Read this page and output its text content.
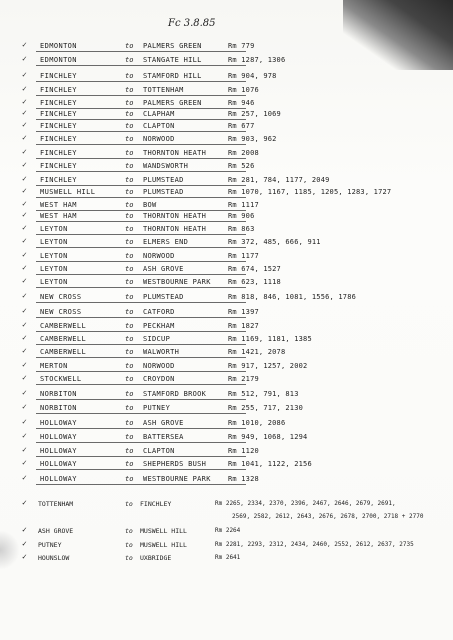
Fc 3.8.85
✓ EDMONTON	to PALMERS GREEN	Rm 779
✓ EDMONTON	to STANGATE HILL	Rm 1287, 1306
✓ FINCHLEY	to STAMFORD HILL	Rm 904, 978
✓ FINCHLEY	to TOTTENHAM	Rm 1076
✓ FINCHLEY	to PALMERS GREEN	Rm 946
✓ FINCHLEY	to CLAPHAM	Rm 257, 1069
✓ FINCHLEY	to CLAPTON	Rm 677
✓ FINCHLEY	to NORWOOD	Rm 903, 962
✓ FINCHLEY	to THORNTON HEATH	Rm 2008
✓ FINCHLEY	to WANDSWORTH	Rm 526
✓ FINCHLEY	to PLUMSTEAD	Rm 281, 784, 1177, 2049
✓ MUSWELL HILL	to PLUMSTEAD	Rm 1070, 1167, 1185, 1205, 1283, 1727
✓ WEST HAM	to BOW	Rm 1117
✓ WEST HAM	to THORNTON HEATH	Rm 906
✓ LEYTON	to THORNTON HEATH	Rm 863
✓ LEYTON	to ELMERS END	Rm 372, 485, 666, 911
✓ LEYTON	to NORWOOD	Rm 1177
✓ LEYTON	to ASH GROVE	Rm 674, 1527
✓ LEYTON	to WESTBOURNE PARK Rm 623, 1118
✓ NEW CROSS	to PLUMSTEAD	Rm 818, 846, 1081, 1556, 1786
✓ NEW CROSS	to CATFORD	Rm 1397
✓ CAMBERWELL	to PECKHAM	Rm 1827
✓ CAMBERWELL	to SIDCUP	Rm 1169, 1181, 1385
✓ CAMBERWELL	to WALWORTH	Rm 1421, 2078
✓ MERTON	to NORWOOD	Rm 917, 1257, 2002
✓ STOCKWELL	to CROYDON	Rm 2179
✓ NORBITON	to STAMFORD BROOK	Rm 512, 791, 813
✓ NORBITON	to PUTNEY	Rm 255, 717, 2130
✓ HOLLOWAY	to ASH GROVE	Rm 1010, 2086
✓ HOLLOWAY	to BATTERSEA	Rm 949, 1068, 1294
✓ HOLLOWAY	to CLAPTON	Rm 1120
✓ HOLLOWAY	to SHEPHERDS BUSH	Rm 1041, 1122, 2156
✓ HOLLOWAY	to WESTBOURNE PARK Rm 1328
✓ TOTTENHAM	to FINCHLEY	Rm 2265, 2334, 2370, 2396, 2467, 2646, 2679, 2691,
2569, 2582, 2612, 2643, 2676, 2678, 2700, 2718 + 2770
✓ ASH GROVE	to MUSWELL HILL	Rm 2264
✓ PUTNEY	to MUSWELL HILL	Rm 2281, 2293, 2312, 2434, 2460, 2552, 2612, 2637, 2735
✓ HOUNSLOW	to UXBRIDGE	Rm 2641
